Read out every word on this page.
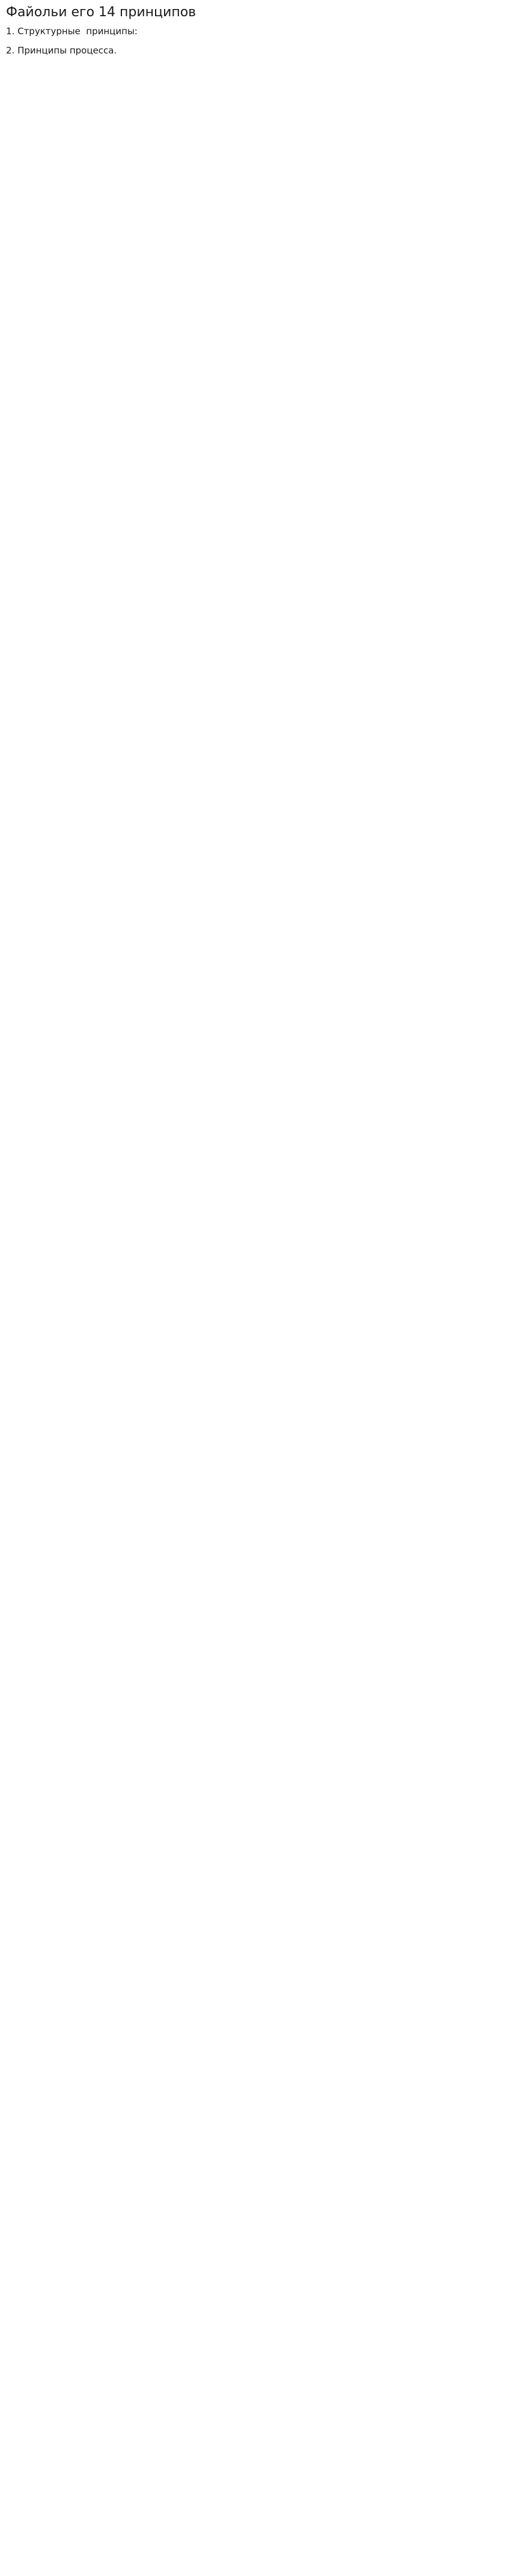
Файольи его 14 принципов
1. Структурные  принципы:
2. Принципы процесса.
